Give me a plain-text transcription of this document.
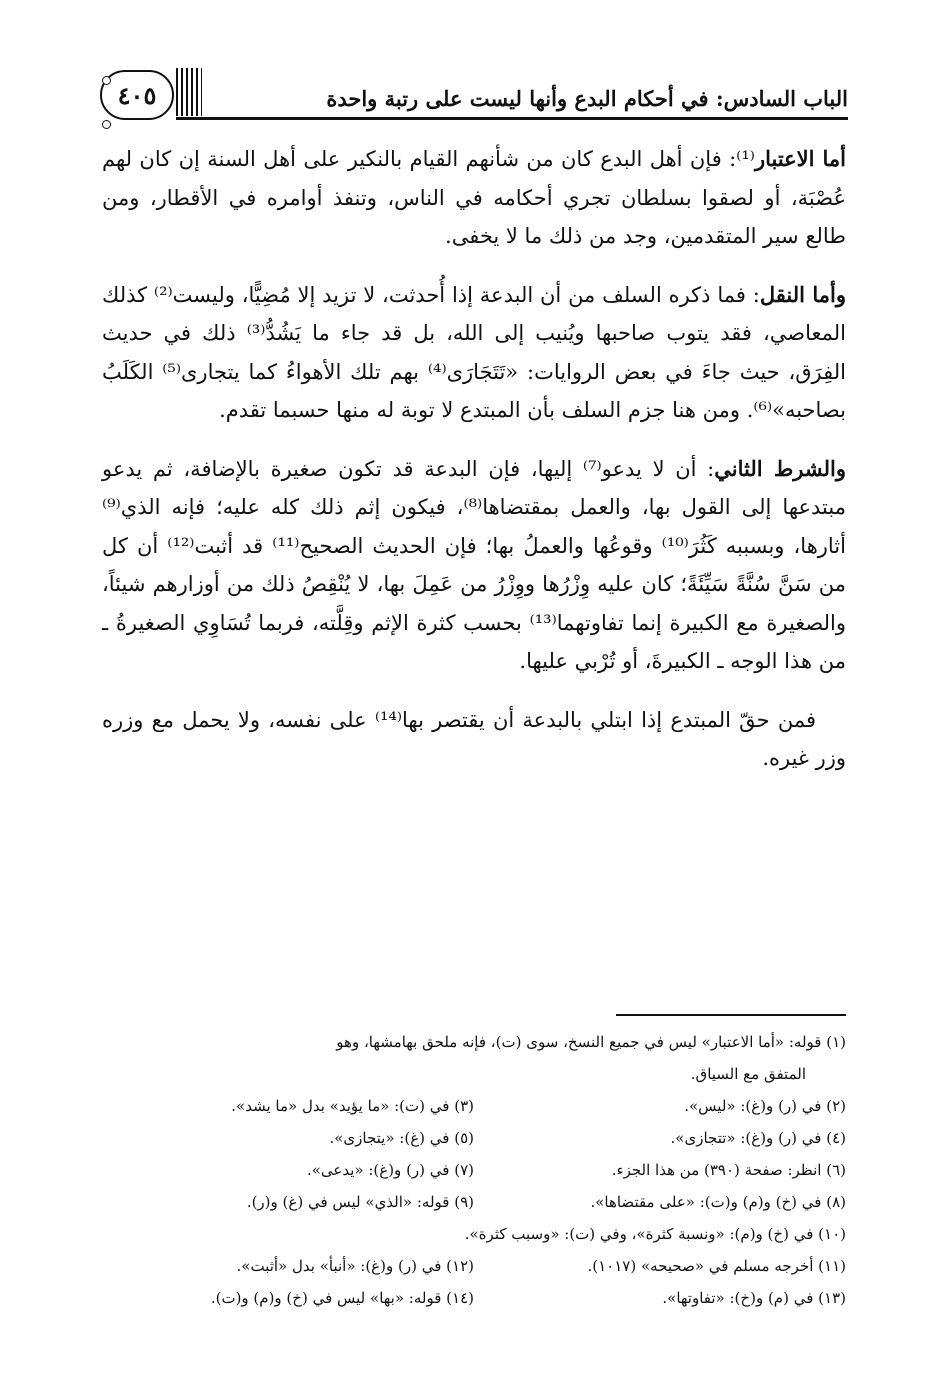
الباب السادس: في أحكام البدع وأنها ليست على رتبة واحدة
٤٠٥

أما الاعتبار⁽¹⁾: فإن أهل البدع كان من شأنهم القيام بالنكير على أهل السنة إن كان لهم عُصْبَة، أو لصقوا بسلطان تجري أحكامه في الناس، وتنفذ أوامره في الأقطار، ومن طالع سير المتقدمين، وجد من ذلك ما لا يخفى.

وأما النقل: فما ذكره السلف من أن البدعة إذا أُحدثت، لا تزيد إلا مُضِيًّا، وليست⁽²⁾ كذلك المعاصي، فقد يتوب صاحبها ويُنيب إلى الله، بل قد جاء ما يَشُدُّ⁽³⁾ ذلك في حديث الفِرَق، حيث جاءَ في بعض الروايات: «تَتَجَارَى⁽⁴⁾ بهم تلك الأهواءُ كما يتجارى⁽⁵⁾ الكَلَبُ بصاحبه»⁽⁶⁾. ومن هنا جزم السلف بأن المبتدع لا توبة له منها حسبما تقدم.

والشرط الثاني: أن لا يدعو⁽⁷⁾ إليها، فإن البدعة قد تكون صغيرة بالإضافة، ثم يدعو مبتدعها إلى القول بها، والعمل بمقتضاها⁽⁸⁾، فيكون إثم ذلك كله عليه؛ فإنه الذي⁽⁹⁾ أثارها، وبسببه كَثُرَ⁽¹⁰⁾ وقوعُها والعملُ بها؛ فإن الحديث الصحيح⁽¹¹⁾ قد أثبت⁽¹²⁾ أن كل من سَنَّ سُنَّةً سَيِّئَةً؛ كان عليه وِزْرُها ووِزْرُ من عَمِلَ بها، لا يُنْقِصُ ذلك من أوزارهم شيئاً، والصغيرة مع الكبيرة إنما تفاوتهما⁽¹³⁾ بحسب كثرة الإثم وقِلَّته، فربما تُسَاوِي الصغيرةُ ـ من هذا الوجه ـ الكبيرةَ، أو تُرْبي عليها.

فمن حقّ المبتدع إذا ابتلي بالبدعة أن يقتصر بها⁽¹⁴⁾ على نفسه، ولا يحمل مع وزره وزر غيره.

(١) قوله: «أما الاعتبار» ليس في جميع النسخ، سوى (ت)، فإنه ملحق بهامشها، وهو
المتفق مع السياق.
(٢) في (ر) و(غ): «ليس».
(٣) في (ت): «ما يؤيد» بدل «ما يشد».
(٤) في (ر) و(غ): «تتجازى».
(٥) في (غ): «يتجازى».
(٦) انظر: صفحة (٣٩٠) من هذا الجزء.
(٧) في (ر) و(غ): «يدعى».
(٨) في (خ) و(م) و(ت): «على مقتضاها».
(٩) قوله: «الذي» ليس في (غ) و(ر).
(١٠) في (خ) و(م): «ونسبة كثرة»، وفي (ت): «وسبب كثرة».
(١١) أخرجه مسلم في «صحيحه» (١٠١٧).
(١٢) في (ر) و(غ): «أنبأ» بدل «أثبت».
(١٣) في (م) و(خ): «تفاوتها».
(١٤) قوله: «بها» ليس في (خ) و(م) و(ت).
